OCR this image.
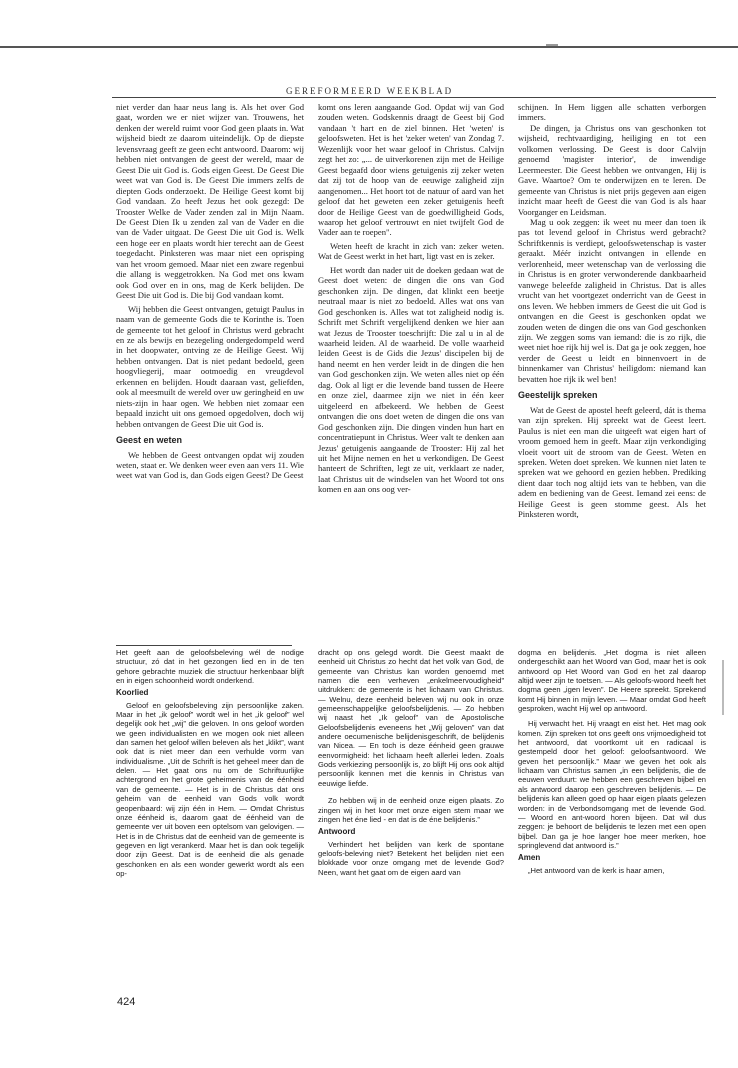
GEREFORMEERD WEEKBLAD

niet verder dan haar neus lang is. Als het over God gaat, worden we er niet wijzer van. Trouwens, het denken der wereld ruimt voor God geen plaats in. Wat wijsheid biedt ze daarom uiteindelijk. Op de diepste levensvraag geeft ze geen echt antwoord. Daarom: wij hebben niet ontvangen de geest der wereld, maar de Geest Die uit God is. Gods eigen Geest. De Geest Die weet wat van God is. De Geest Die immers zelfs de diepten Gods onderzoekt. De Heilige Geest komt bij God vandaan. Zo heeft Jezus het ook gezegd: De Trooster Welke de Vader zenden zal in Mijn Naam. De Geest Dien Ik u zenden zal van de Vader en die van de Vader uitgaat. De Geest Die uit God is. Welk een hoge eer en plaats wordt hier terecht aan de Geest toegedacht. Pinksteren was maar niet een oprisping van het vroom gemoed. Maar niet een zware regenbui die allang is weggetrokken. Na God met ons kwam ook God over en in ons, mag de Kerk belijden. De Geest Die uit God is. Die bij God vandaan komt.

Wij hebben die Geest ontvangen, getuigt Paulus in naam van de gemeente Gods die te Korinthe is. Toen de gemeente tot het geloof in Christus werd gebracht en ze als bewijs en bezegeling ondergedompeld werd in het doopwater, ontving ze de Heilige Geest. Wij hebben ontvangen. Dat is niet pedant bedoeld, geen hoogvliegerij, maar ootmoedig en vreugdevol erkennen en belijden. Houdt daaraan vast, geliefden, ook al meesmuilt de wereld over uw geringheid en uw niets-zijn in haar ogen. We hebben niet zomaar een bepaald inzicht uit ons gemoed opgedolven, doch wij hebben ontvangen de Geest Die uit God is.

Geest en weten

We hebben de Geest ontvangen opdat wij zouden weten, staat er. We denken weer even aan vers 11. Wie weet wat van God is, dan Gods eigen Geest? De Geest

komt ons leren aangaande God. Opdat wij van God zouden weten. Godskennis draagt de Geest bij God vandaan 't hart en de ziel binnen. Het 'weten' is geloofsweten. Het is het 'zeker weten' van Zondag 7. Wezenlijk voor het waar geloof in Christus. Calvijn zegt het zo: „... de uitverkorenen zijn met de Heilige Geest begaafd door wiens getuigenis zij zeker weten dat zij tot de hoop van de eeuwige zaligheid zijn aangenomen... Het hoort tot de natuur of aard van het geloof dat het geweten een zeker getuigenis heeft door de Heilige Geest van de goedwilligheid Gods, waarop het geloof vertrouwt en niet twijfelt God de Vader aan te roepen".

Weten heeft de kracht in zich van: zeker weten. Wat de Geest werkt in het hart, ligt vast en is zeker.

Het wordt dan nader uit de doeken gedaan wat de Geest doet weten: de dingen die ons van God geschonken zijn. De dingen, dat klinkt een beetje neutraal maar is niet zo bedoeld. Alles wat ons van God geschonken is. Alles wat tot zaligheid nodig is. Schrift met Schrift vergelijkend denken we hier aan wat Jezus de Trooster toeschrijft: Die zal u in al de waarheid leiden. Al de waarheid. De volle waarheid leiden Geest is de Gids die Jezus' discipelen bij de hand neemt en hen verder leidt in de dingen die hen van God geschonken zijn. We weten alles niet op één dag. Ook al ligt er die levende band tussen de Heere en onze ziel, daarmee zijn we niet in één keer uitgeleerd en afbekeerd. We hebben de Geest ontvangen die ons doet weten de dingen die ons van God geschonken zijn. Die dingen vinden hun hart en concentratiepunt in Christus. Weer valt te denken aan Jezus' getuigenis aangaande de Trooster: Hij zal het uit het Mijne nemen en het u verkondigen. De Geest hanteert de Schriften, legt ze uit, verklaart ze nader, laat Christus uit de windselen van het Woord tot ons komen en aan ons oog ver-

schijnen. In Hem liggen alle schatten verborgen immers.

De dingen, ja Christus ons van geschonken tot wijsheid, rechtvaardiging, heiliging en tot een volkomen verlossing. De Geest is door Calvijn genoemd 'magister interior', de inwendige Leermeester. Die Geest hebben we ontvangen, Hij is Gave. Waartoe? Om te onderwijzen en te leren. De gemeente van Christus is niet prijs gegeven aan eigen inzicht maar heeft de Geest die van God is als haar Voorganger en Leidsman.

Mag u ook zeggen: ik weet nu meer dan toen ik pas tot levend geloof in Christus werd gebracht? Schriftkennis is verdiept, geloofswetenschap is vaster geraakt. Méér inzicht ontvangen in ellende en verlorenheid, meer wetenschap van de verlossing die in Christus is en groter verwonderende dankbaarheid vanwege beleefde zaligheid in Christus. Dat is alles vrucht van het voortgezet onderricht van de Geest in ons leven. We hebben immers de Geest die uit God is ontvangen en die Geest is geschonken opdat we zouden weten de dingen die ons van God geschonken zijn. We zeggen soms van iemand: die is zo rijk, die weet niet hoe rijk hij wel is. Dat ga je ook zeggen, hoe verder de Geest u leidt en binnenvoert in de binnenkamer van Christus' heiligdom: niemand kan bevatten hoe rijk ik wel ben!

Geestelijk spreken

Wat de Geest de apostel heeft geleerd, dát is thema van zijn spreken. Hij spreekt wat de Geest leert. Paulus is niet een man die uitgeeft wat eigen hart of vroom gemoed hem in geeft. Maar zijn verkondiging vloeit voort uit de stroom van de Geest. Weten en spreken. Weten doet spreken. We kunnen niet laten te spreken wat we gehoord en gezien hebben. Prediking dient daar toch nog altijd iets van te hebben, van die adem en bediening van de Geest. Iemand zei eens: de Heilige Geest is geen stomme geest. Als het Pinksteren wordt,

Het geeft aan de geloofsbeleving wél de nodige structuur, zó dat in het gezongen lied en in de ten gehore gebrachte muziek die structuur herkenbaar blijft en in eigen schoonheid wordt onderkend.

Koorlied

Geloof en geloofsbeleving zijn persoonlijke zaken. Maar in het „ik geloof” wordt wel in het „ik geloof” wel degelijk ook het „wij” die geloven. In ons geloof worden we geen individualisten en we mogen ook niet alleen dan samen het geloof willen beleven als het „klikt”, want ook dat is niet meer dan een verhulde vorm van individualisme. „Uit de Schrift is het geheel meer dan de delen. — Het gaat ons nu om de Schriftuurlijke achtergrond en het grote geheimenis van de éénheid van de gemeente. — Het is in de Christus dat ons geheim van de eenheid van Gods volk wordt geopenbaard: wij zijn één in Hem. — Omdat Christus onze éénheid is, daarom gaat de éénheid van de gemeente ver uit boven een optelsom van gelovigen. — Het is in de Christus dat de eenheid van de gemeente is gegeven en ligt verankerd. Maar het is dan ook tegelijk door zijn Geest. Dat is de eenheid die als genade geschonken en als een wonder gewerkt wordt als een op-

dracht op ons gelegd wordt. Die Geest maakt de eenheid uit Christus zo hecht dat het volk van God, de gemeente van Christus kan worden genoemd met namen die een verheven „enkelmeervoudigheid” uitdrukken: de gemeente is het lichaam van Christus. — Welnu, deze eenheid beleven wij nu ook in onze gemeenschappelijke geloofsbelijdenis. — Zo hebben wij naast het „Ik geloof” van de Apostolische Geloofsbelijdenis eveneens het „Wij geloven” van dat andere oecumenische belijdenisgeschrift, de belijdenis van Nicea. — En toch is deze éénheid geen grauwe eenvormigheid: het lichaam heeft allerlei leden. Zoals Gods verkiezing persoonlijk is, zo blijft Hij ons ook altijd persoonlijk kennen met die kennis in Christus van eeuwige liefde.

Zo hebben wij in de eenheid onze eigen plaats. Zo zingen wij in het koor met onze eigen stem maar we zingen het éne lied - en dat is de éne belijdenis.”

Antwoord

Verhindert het belijden van kerk de spontane geloofs-beleving niet? Betekent het belijden niet een blokkade voor onze omgang met de levende God? Neen, want het gaat om de eigen aard van

dogma en belijdenis. „Het dogma is niet alleen ondergeschikt aan het Woord van God, maar het is ook antwoord op Het Woord van God en het zal daarop altijd weer zijn te toetsen. — Als geloofs-woord heeft het dogma geen „igen leven”. De Heere spreekt. Sprekend komt Hij binnen in mijn leven. — Maar omdat God heeft gesproken, wacht Hij wel op antwoord.

Hij verwacht het. Hij vraagt en eist het. Het mag ook komen. Zijn spreken tot ons geeft ons vrijmoedigheid tot het antwoord, dat voortkomt uit en radicaal is gestempeld door het geloof: geloofsantwoord. We geven het persoonlijk.” Maar we geven het ook als lichaam van Christus samen „in een belijdenis, die de eeuwen verduurt: we hebben een geschreven bijbel en als antwoord daarop een geschreven belijdenis. — De belijdenis kan alleen goed op haar eigen plaats gelezen worden: in de Verbondsomgang met de levende God. — Woord en ant-woord horen bijeen. Dat wil dus zeggen: je behoort de belijdenis te lezen met een open bijbel. Dan ga je hoe langer hoe meer merken, hoe springlevend dat antwoord is.”

Amen

„Het antwoord van de kerk is haar amen,

424
